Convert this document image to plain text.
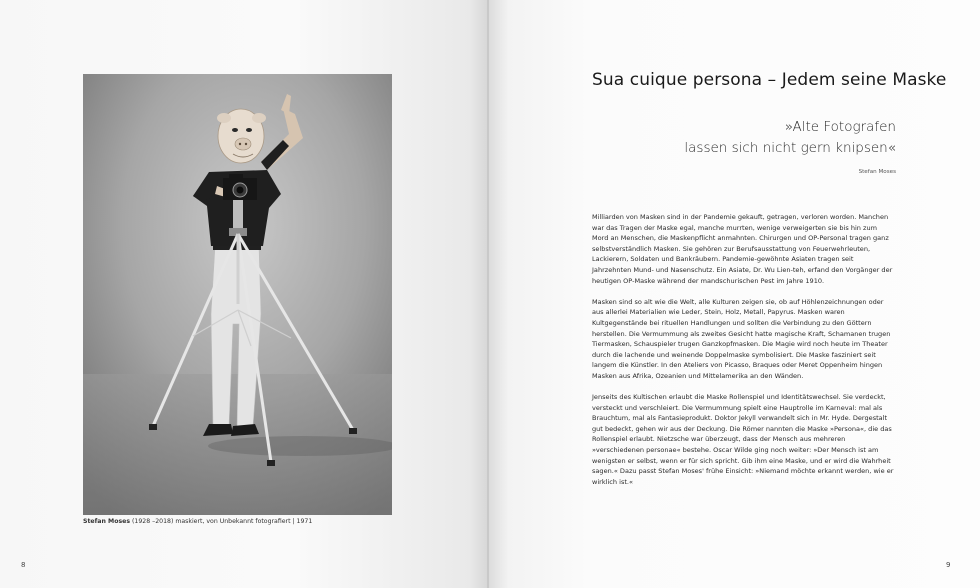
Stefan Moses (1928 –2018) maskiert, von Unbekannt fotografiert | 1971
8
Sua cuique persona – Jedem seine Maske
»Alte Fotografen
lassen sich nicht gern knipsen«
Stefan Moses

Milliarden von Masken sind in der Pandemie gekauft, getragen, verloren worden. Manchen war das Tragen der Maske egal, manche murrten, wenige verweigerten sie bis hin zum Mord an Menschen, die Maskenpflicht anmahnten. Chirurgen und OP-Personal tragen ganz selbstverständlich Masken. Sie gehören zur Berufsausstattung von Feuerwehrleuten, Lackierern, Soldaten und Bankräubern. Pandemie-gewöhnte Asiaten tragen seit Jahrzehnten Mund- und Nasenschutz. Ein Asiate, Dr. Wu Lien-teh, erfand den Vorgänger der heutigen OP-Maske während der mandschurischen Pest im Jahre 1910.

Masken sind so alt wie die Welt, alle Kulturen zeigen sie, ob auf Höhlenzeichnungen oder aus allerlei Materialien wie Leder, Stein, Holz, Metall, Papyrus. Masken waren Kultgegenstände bei rituellen Handlungen und sollten die Verbindung zu den Göttern herstellen. Die Vermummung als zweites Gesicht hatte magische Kraft, Schamanen trugen Tiermasken, Schauspieler trugen Ganzkopfmasken. Die Magie wird noch heute im Theater durch die lachende und weinende Doppelmaske symbolisiert. Die Maske fasziniert seit langem die Künstler. In den Ateliers von Picasso, Braques oder Meret Oppenheim hingen Masken aus Afrika, Ozeanien und Mittelamerika an den Wänden.

Jenseits des Kultischen erlaubt die Maske Rollenspiel und Identitätswechsel. Sie verdeckt, versteckt und verschleiert. Die Vermummung spielt eine Hauptrolle im Karneval: mal als Brauchtum, mal als Fantasieprodukt. Doktor Jekyll verwandelt sich in Mr. Hyde. Dergestalt gut bedeckt, gehen wir aus der Deckung. Die Römer nannten die Maske »Persona«, die das Rollenspiel erlaubt. Nietzsche war überzeugt, dass der Mensch aus mehreren »verschiedenen personae« bestehe. Oscar Wilde ging noch weiter: »Der Mensch ist am wenigsten er selbst, wenn er für sich spricht. Gib ihm eine Maske, und er wird die Wahrheit sagen.« Dazu passt Stefan Moses' frühe Einsicht: »Niemand möchte erkannt werden, wie er wirklich ist.«

9
